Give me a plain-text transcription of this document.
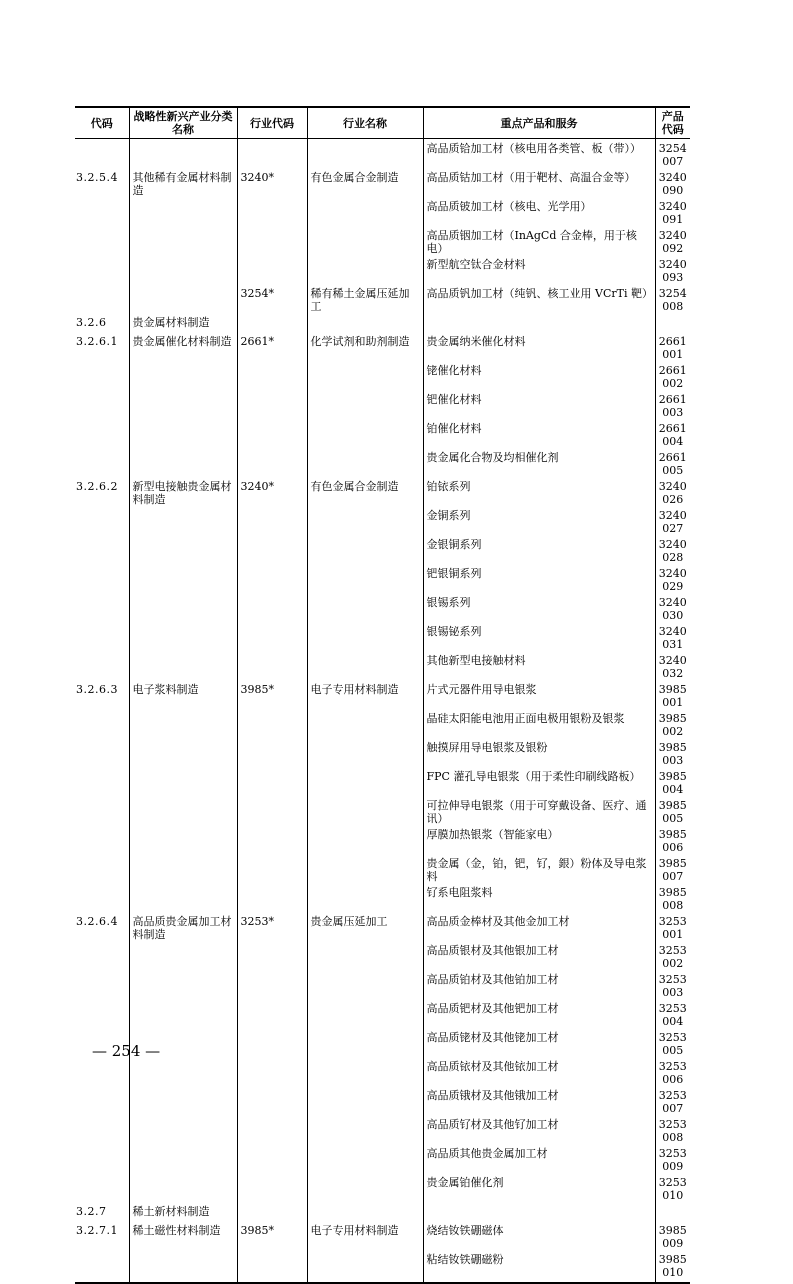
代码	战略性新兴产业分类名称	行业代码	行业名称	重点产品和服务	产品代码
				高品质铪加工材（核电用各类管、板（带））	3254007
3.2.5.4	其他稀有金属材料制造	3240*	有色金属合金制造	高品质钴加工材（用于靶材、高温合金等）	3240090
				高品质铍加工材（核电、光学用）	3240091
				高品质铟加工材（InAgCd 合金棒，用于核电）	3240092
				新型航空钛合金材料	3240093
		3254*	稀有稀土金属压延加工	高品质钒加工材（纯钒、核工业用 VCrTi 靶）	3254008
3.2.6	贵金属材料制造				
3.2.6.1	贵金属催化材料制造	2661*	化学试剂和助剂制造	贵金属纳米催化材料	2661001
				铑催化材料	2661002
				钯催化材料	2661003
				铂催化材料	2661004
				贵金属化合物及均相催化剂	2661005
3.2.6.2	新型电接触贵金属材料制造	3240*	有色金属合金制造	铂铱系列	3240026
				金铜系列	3240027
				金银铜系列	3240028
				钯银铜系列	3240029
				银锡系列	3240030
				银锡铋系列	3240031
				其他新型电接触材料	3240032
3.2.6.3	电子浆料制造	3985*	电子专用材料制造	片式元器件用导电银浆	3985001
				晶硅太阳能电池用正面电极用银粉及银浆	3985002
				触摸屏用导电银浆及银粉	3985003
				FPC 灌孔导电银浆（用于柔性印刷线路板）	3985004
				可拉伸导电银浆（用于可穿戴设备、医疗、通讯）	3985005
				厚膜加热银浆（智能家电）	3985006
				贵金属（金，铂，钯，钌，銀）粉体及导电浆料	3985007
				钌系电阻浆料	3985008
3.2.6.4	高品质贵金属加工材料制造	3253*	贵金属压延加工	高品质金棒材及其他金加工材	3253001
				高品质银材及其他银加工材	3253002
				高品质铂材及其他铂加工材	3253003
				高品质钯材及其他钯加工材	3253004
				高品质铑材及其他铑加工材	3253005
				高品质铱材及其他铱加工材	3253006
				高品质锇材及其他锇加工材	3253007
				高品质钌材及其他钌加工材	3253008
				高品质其他贵金属加工材	3253009
				贵金属铂催化剂	3253010
3.2.7	稀土新材料制造				
3.2.7.1	稀土磁性材料制造	3985*	电子专用材料制造	烧结钕铁硼磁体	3985009
				粘结钕铁硼磁粉	3985010
— 254 —
